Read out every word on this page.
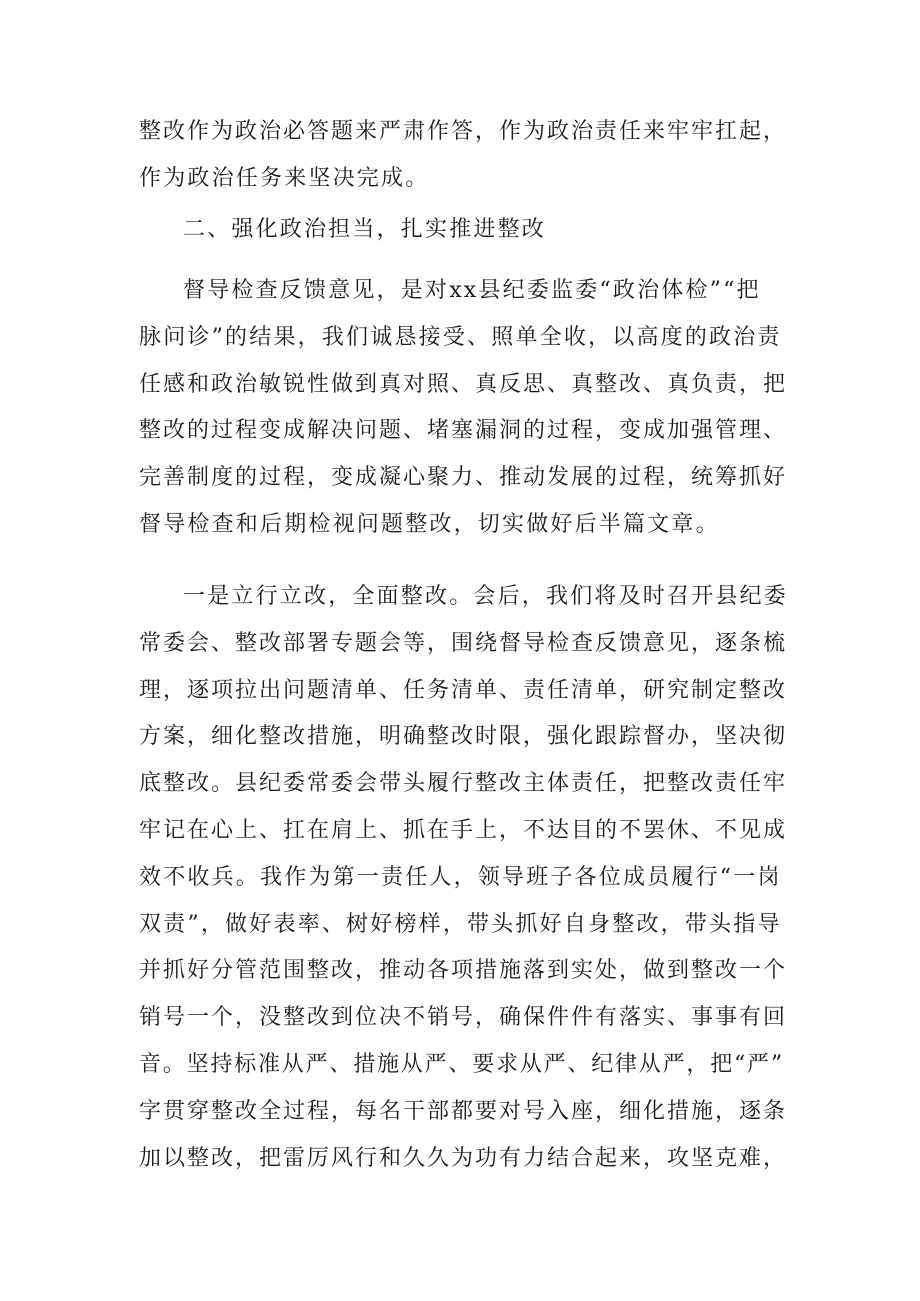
整改作为政治必答题来严肃作答，作为政治责任来牢牢扛起，
作为政治任务来坚决完成。

二、强化政治担当，扎实推进整改

督导检查反馈意见，是对xx县纪委监委“政治体检”“把
脉问诊”的结果，我们诚恳接受、照单全收，以高度的政治责
任感和政治敏锐性做到真对照、真反思、真整改、真负责，把
整改的过程变成解决问题、堵塞漏洞的过程，变成加强管理、
完善制度的过程，变成凝心聚力、推动发展的过程，统筹抓好
督导检查和后期检视问题整改，切实做好后半篇文章。
一是立行立改，全面整改。会后，我们将及时召开县纪委
常委会、整改部署专题会等，围绕督导检查反馈意见，逐条梳
理，逐项拉出问题清单、任务清单、责任清单，研究制定整改
方案，细化整改措施，明确整改时限，强化跟踪督办，坚决彻
底整改。县纪委常委会带头履行整改主体责任，把整改责任牢
牢记在心上、扛在肩上、抓在手上，不达目的不罢休、不见成
效不收兵。我作为第一责任人，领导班子各位成员履行“一岗
双责”，做好表率、树好榜样，带头抓好自身整改，带头指导
并抓好分管范围整改，推动各项措施落到实处，做到整改一个
销号一个，没整改到位决不销号，确保件件有落实、事事有回
音。坚持标准从严、措施从严、要求从严、纪律从严，把“严”
字贯穿整改全过程，每名干部都要对号入座，细化措施，逐条
加以整改，把雷厉风行和久久为功有力结合起来，攻坚克难，
